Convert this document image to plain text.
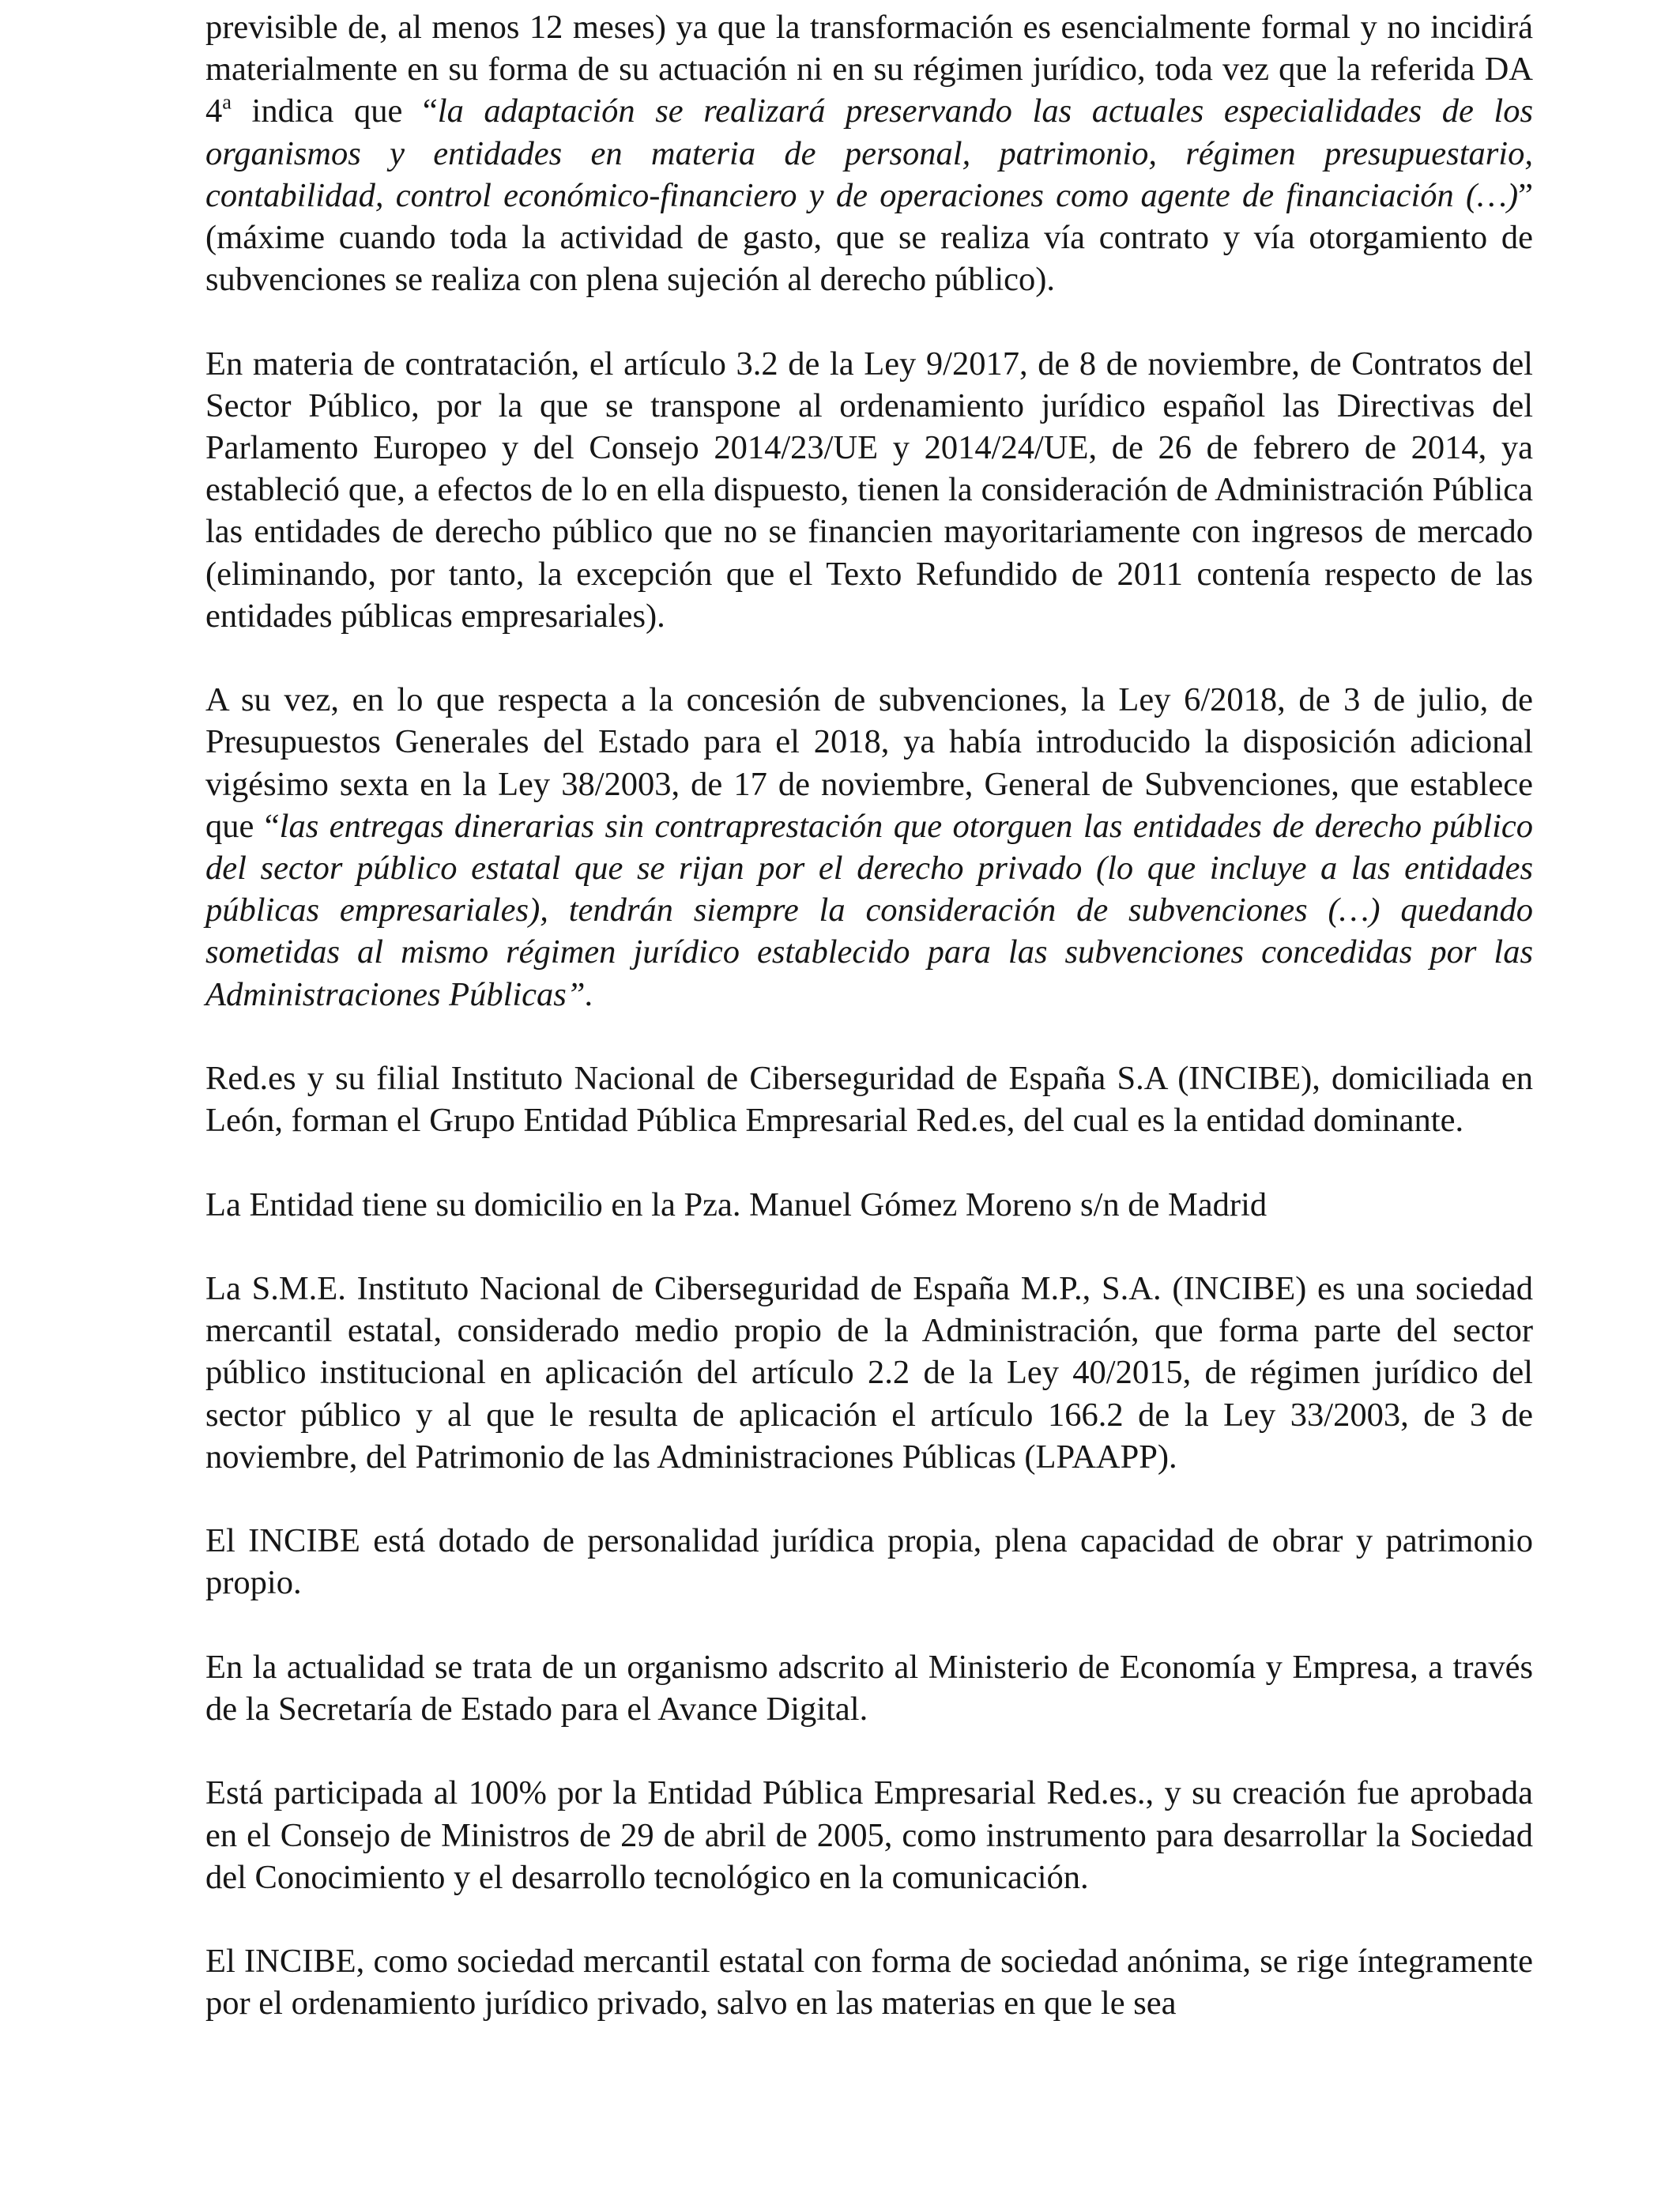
previsible de, al menos 12 meses) ya que la transformación es esencialmente formal y no incidirá materialmente en su forma de su actuación ni en su régimen jurídico, toda vez que la referida DA 4$^a$ indica que “la adaptación se realizará preservando las actuales especialidades de los organismos y entidades en materia de personal, patrimonio, régimen presupuestario, contabilidad, control económico-financiero y de operaciones como agente de financiación (…)” (máxime cuando toda la actividad de gasto, que se realiza vía contrato y vía otorgamiento de subvenciones se realiza con plena sujeción al derecho público).

En materia de contratación, el artículo 3.2 de la Ley 9/2017, de 8 de noviembre, de Contratos del Sector Público, por la que se transpone al ordenamiento jurídico español las Directivas del Parlamento Europeo y del Consejo 2014/23/UE y 2014/24/UE, de 26 de febrero de 2014, ya estableció que, a efectos de lo en ella dispuesto, tienen la consideración de Administración Pública las entidades de derecho público que no se financien mayoritariamente con ingresos de mercado (eliminando, por tanto, la excepción que el Texto Refundido de 2011 contenía respecto de las entidades públicas empresariales).

A su vez, en lo que respecta a la concesión de subvenciones, la Ley 6/2018, de 3 de julio, de Presupuestos Generales del Estado para el 2018, ya había introducido la disposición adicional vigésimo sexta en la Ley 38/2003, de 17 de noviembre, General de Subvenciones, que establece que “las entregas dinerarias sin contraprestación que otorguen las entidades de derecho público del sector público estatal que se rijan por el derecho privado (lo que incluye a las entidades públicas empresariales), tendrán siempre la consideración de subvenciones (…) quedando sometidas al mismo régimen jurídico establecido para las subvenciones concedidas por las Administraciones Públicas”.

Red.es y su filial Instituto Nacional de Ciberseguridad de España S.A (INCIBE), domiciliada en León, forman el Grupo Entidad Pública Empresarial Red.es, del cual es la entidad dominante.

La Entidad tiene su domicilio en la Pza. Manuel Gómez Moreno s/n de Madrid

La S.M.E. Instituto Nacional de Ciberseguridad de España M.P., S.A. (INCIBE) es una sociedad mercantil estatal, considerado medio propio de la Administración, que forma parte del sector público institucional en aplicación del artículo 2.2 de la Ley 40/2015, de régimen jurídico del sector público y al que le resulta de aplicación el artículo 166.2 de la Ley 33/2003, de 3 de noviembre, del Patrimonio de las Administraciones Públicas (LPAAPP).

El INCIBE está dotado de personalidad jurídica propia, plena capacidad de obrar y patrimonio propio.

En la actualidad se trata de un organismo adscrito al Ministerio de Economía y Empresa, a través de la Secretaría de Estado para el Avance Digital.

Está participada al 100% por la Entidad Pública Empresarial Red.es., y su creación fue aprobada en el Consejo de Ministros de 29 de abril de 2005, como instrumento para desarrollar la Sociedad del Conocimiento y el desarrollo tecnológico en la comunicación.

El INCIBE, como sociedad mercantil estatal con forma de sociedad anónima, se rige íntegramente por el ordenamiento jurídico privado, salvo en las materias en que le sea
